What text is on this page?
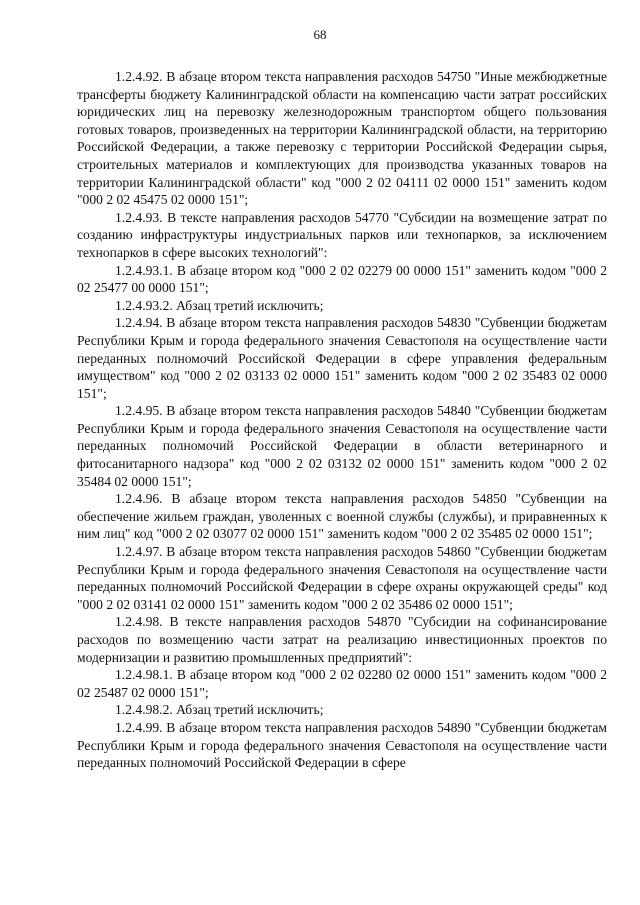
68

1.2.4.92. В абзаце втором текста направления расходов 54750 "Иные межбюджетные трансферты бюджету Калининградской области на компенсацию части затрат российских юридических лиц на перевозку железнодорожным транспортом общего пользования готовых товаров, произведенных на территории Калининградской области, на территорию Российской Федерации, а также перевозку с территории Российской Федерации сырья, строительных материалов и комплектующих для производства указанных товаров на территории Калининградской области" код "000 2 02 04111 02 0000 151" заменить кодом "000 2 02 45475 02 0000 151";

1.2.4.93. В тексте направления расходов 54770 "Субсидии на возмещение затрат по созданию инфраструктуры индустриальных парков или технопарков, за исключением технопарков в сфере высоких технологий":

1.2.4.93.1. В абзаце втором код "000 2 02 02279 00 0000 151" заменить кодом "000 2 02 25477 00 0000 151";

1.2.4.93.2. Абзац третий исключить;

1.2.4.94. В абзаце втором текста направления расходов 54830 "Субвенции бюджетам Республики Крым и города федерального значения Севастополя на осуществление части переданных полномочий Российской Федерации в сфере управления федеральным имуществом" код "000 2 02 03133 02 0000 151" заменить кодом "000 2 02 35483 02 0000 151";

1.2.4.95. В абзаце втором текста направления расходов 54840 "Субвенции бюджетам Республики Крым и города федерального значения Севастополя на осуществление части переданных полномочий Российской Федерации в области ветеринарного и фитосанитарного надзора" код "000 2 02 03132 02 0000 151" заменить кодом "000 2 02 35484 02 0000 151";

1.2.4.96. В абзаце втором текста направления расходов 54850 "Субвенции на обеспечение жильем граждан, уволенных с военной службы (службы), и приравненных к ним лиц" код "000 2 02 03077 02 0000 151" заменить кодом "000 2 02 35485 02 0000 151";

1.2.4.97. В абзаце втором текста направления расходов 54860 "Субвенции бюджетам Республики Крым и города федерального значения Севастополя на осуществление части переданных полномочий Российской Федерации в сфере охраны окружающей среды" код "000 2 02 03141 02 0000 151" заменить кодом "000 2 02 35486 02 0000 151";

1.2.4.98. В тексте направления расходов 54870 "Субсидии на софинансирование расходов по возмещению части затрат на реализацию инвестиционных проектов по модернизации и развитию промышленных предприятий":

1.2.4.98.1. В абзаце втором код "000 2 02 02280 02 0000 151" заменить кодом "000 2 02 25487 02 0000 151";

1.2.4.98.2. Абзац третий исключить;

1.2.4.99. В абзаце втором текста направления расходов 54890 "Субвенции бюджетам Республики Крым и города федерального значения Севастополя на осуществление части переданных полномочий Российской Федерации в сфере
